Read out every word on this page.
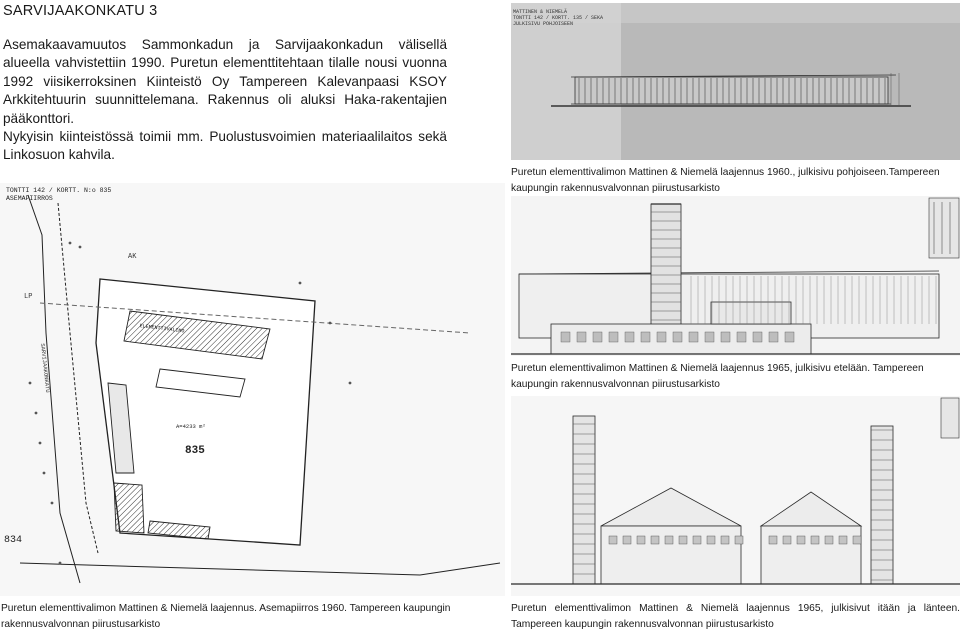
SARVIJAAKONKATU 3
Asemakaavamuutos Sammonkadun ja Sarvijaakonkadun välisellä alueella vahvistettiin 1990. Puretun elementtitehtaan tilalle nousi vuonna 1992 viisikerroksinen Kiinteistö Oy Tampereen Kalevanpaasi KSOY Arkkitehtuurin suunnittelemana. Rakennus oli aluksi Haka-rakentajien pääkonttori.
Nykyisin kiinteistössä toimii mm. Puolustusvoimien materiaalilaitos sekä Linkosuon kahvila.
MATTINEN & NIEMELÄ
TONTTI 142 / KORTT. 135 / SEKA
JULKISIVU POHJOISEEN
Puretun elementtivalimon Mattinen & Niemelä laajennus 1960., julkisivu pohjoiseen.Tampereen kaupungin rakennusvalvonnan piirustusarkisto
Puretun elementtivalimon Mattinen & Niemelä laajennus 1965, julkisivu etelään. Tampereen kaupungin rakennusvalvonnan piirustusarkisto
Puretun elementtivalimon Mattinen & Niemelä laajennus 1965, julkisivut itään ja länteen. Tampereen kaupungin rakennusvalvonnan piirustusarkisto
TONTTI 142 / KORTT. N:o 835
ASEMAPIIRROS
835
834
AK
LP
ELEMENTTIVALIMO
A=4233 m²
SARVIJAAKONKATU
Puretun elementtivalimon Mattinen & Niemelä laajennus. Asemapiirros 1960. Tampereen kaupungin rakennusvalvonnan piirustusarkisto
